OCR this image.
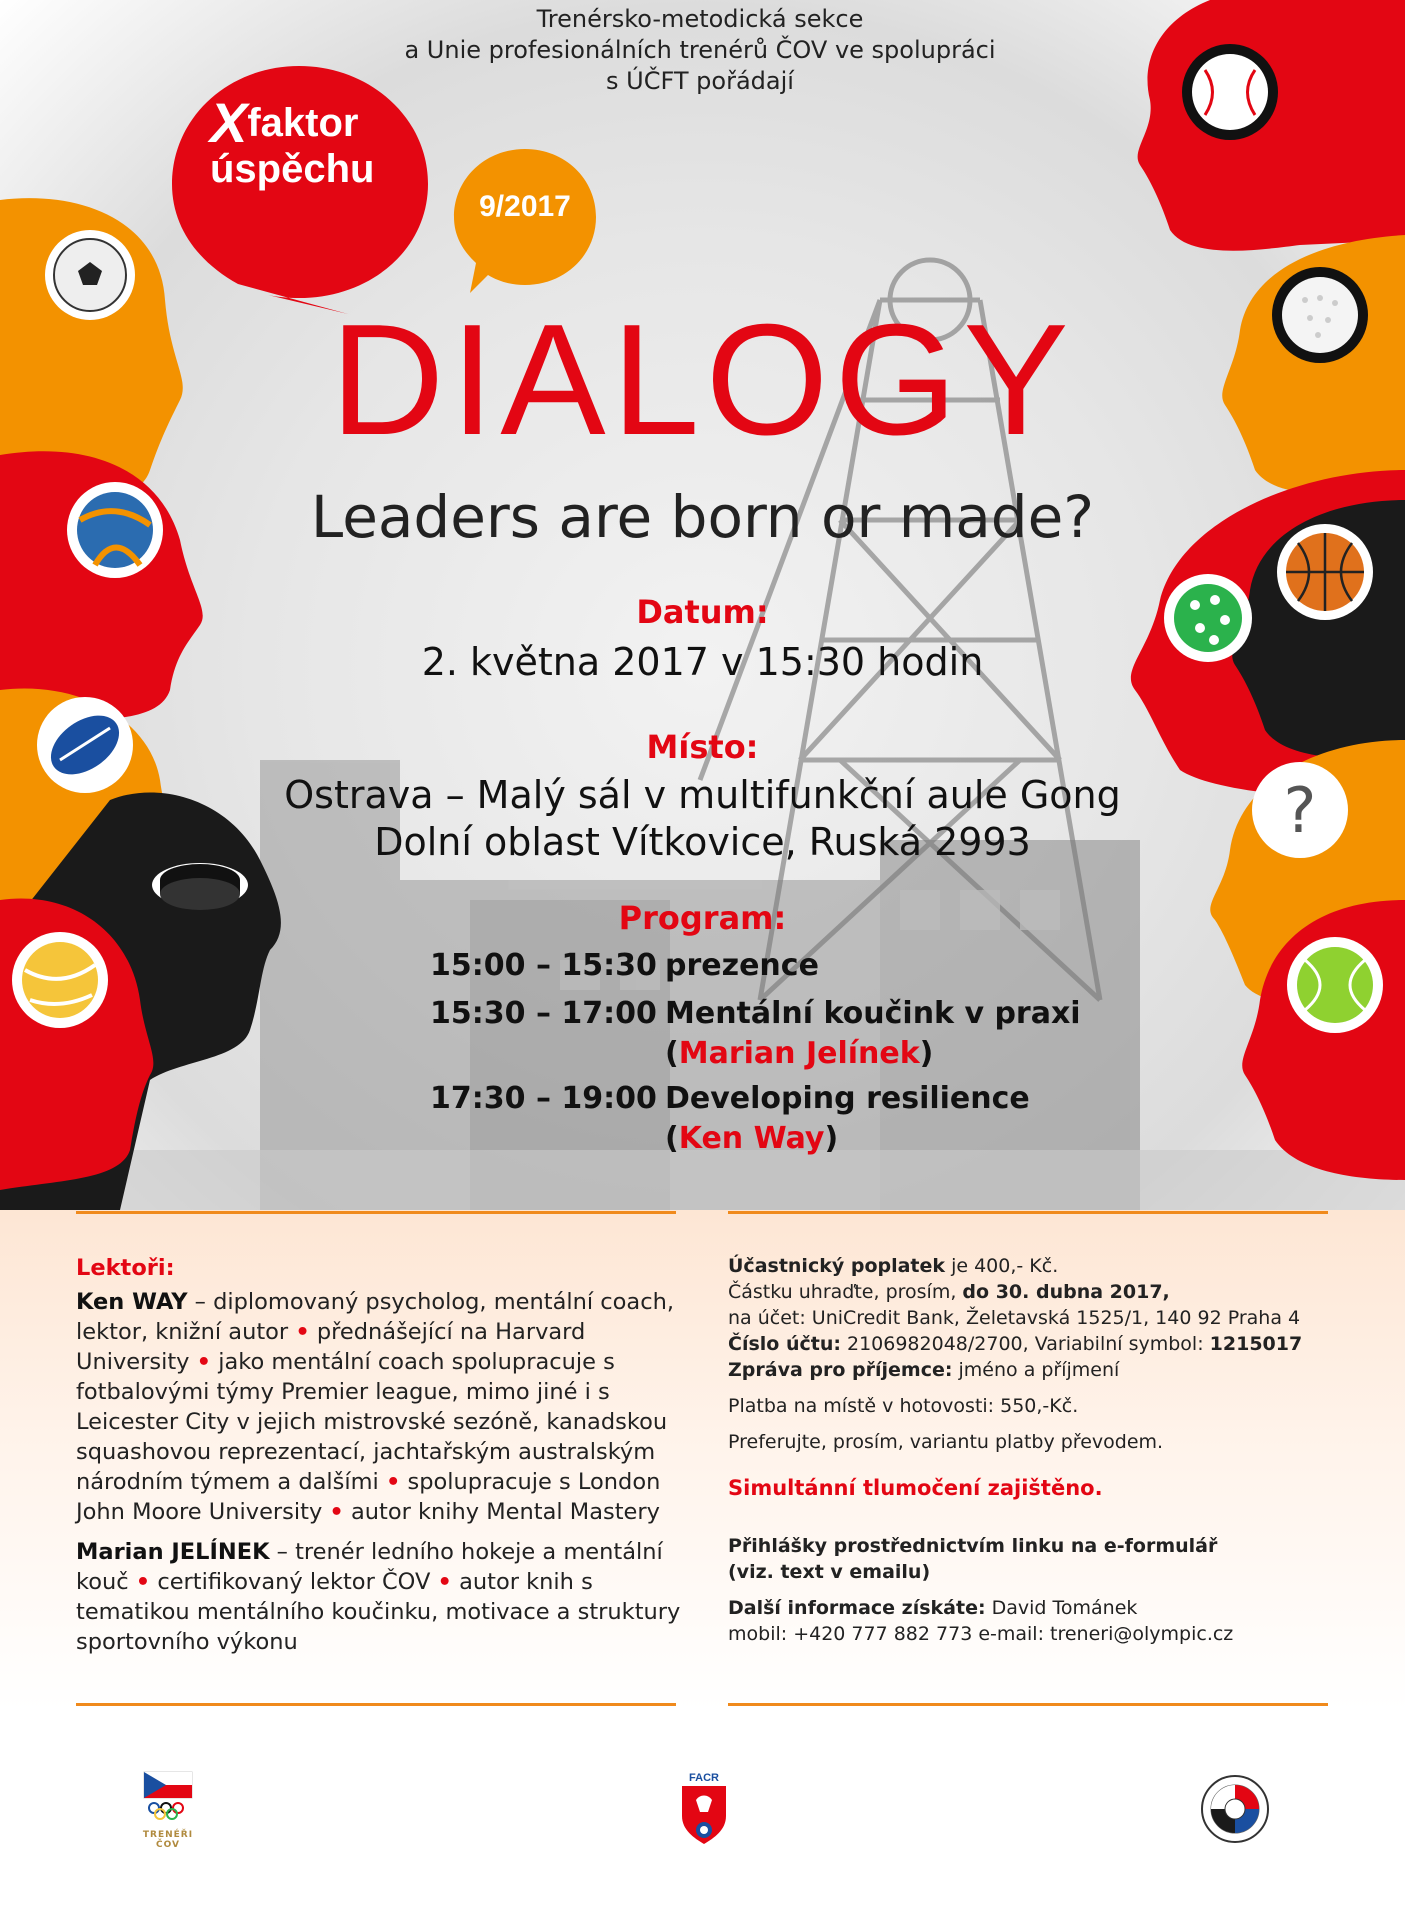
?
Trenérsko-metodická sekce
a Unie profesionálních trenérů ČOV ve spolupráci
s ÚČFT pořádají
Xfaktor
úspěchu
9/2017
DIALOGY
Leaders are born or made?
Datum:
2. května 2017 v 15:30 hodin
Místo:
Ostrava – Malý sál v multifunkční aule Gong
Dolní oblast Vítkovice, Ruská 2993
Program:
15:00 – 15:30 prezence
15:30 – 17:00 Mentální koučink v praxi
(Marian Jelínek)
17:30 – 19:00 Developing resilience
(Ken Way)
Lektoři:

Ken WAY – diplomovaný psycholog, mentální coach, lektor, knižní autor • přednášející na Harvard University • jako mentální coach spolupracuje s fotbalovými týmy Premier league, mimo jiné i s Leicester City v jejich mistrovské sezóně, kanadskou squashovou reprezentací, jachtařským australským národním týmem a dalšími • spolupracuje s London John Moore University • autor knihy Mental Mastery

Marian JELÍNEK – trenér ledního hokeje a mentální kouč • certifikovaný lektor ČOV • autor knih s tematikou mentálního koučinku, motivace a struktury sportovního výkonu

Účastnický poplatek je 400,- Kč.

Částku uhraďte, prosím, do 30. dubna 2017,

na účet: UniCredit Bank, Želetavská 1525/1, 140 92 Praha 4

Číslo účtu: 2106982048/2700, Variabilní symbol: 1215017

Zpráva pro příjemce: jméno a příjmení

Platba na místě v hotovosti: 550,-Kč.

Preferujte, prosím, variantu platby převodem.

Simultánní tlumočení zajištěno.

Přihlášky prostřednictvím linku na e-formulář

(viz. text v emailu)

Další informace získáte: David Tománek

mobil: +420 777 882 773 e-mail: treneri@olympic.cz

TRENÉŘI
ČOV
FACR
